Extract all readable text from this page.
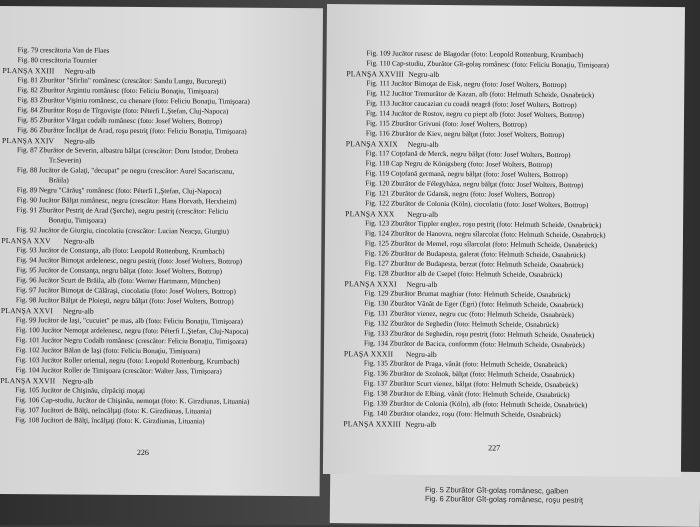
Fig. 5 Zburător Gît-golaş românesc, galben
Fig. 6 Zburător Gît-golaş românesc, roşu pestriţ
Fig. 79 crescătoria Van de Flaes
Fig. 80 crescătoria Tournier
PLANŞA XXIII Negru-alb
Fig. 81 Zburător "Sfirlin" românesc (crescător: Sandu Lungu, Bucureşti)
Fig. 82 Zburător Argintiu românesc (foto: Feliciu Bonaţiu, Timişoara)
Fig. 83 Zburător Vişiniu românesc, cu chenare (foto: Feliciu Bonaţiu, Timişoara)
Fig. 84 Zburător Roşu de Tîrgovişte (foto: Péterfi I.,Ştefan, Cluj-Napoca)
Fig. 85 Zburător Vărgat codalb românesc (foto: Josef Wolters, Bottrop)
Fig. 86 Zburător Încălţat de Arad, roşu pestriţ (foto: Feliciu Bonaţiu, Timişoara)
PLANŞA XXIV Negru-alb
Fig. 87 Zburător de Severin, albastru bălţat (crescător: Doru Istodor, Drobeta
Tr.Severin)
Fig. 88 Jucător de Galaţi, "decupat" pe negru (crescător: Aurel Sacariscanu,
Brăila)
Fig. 89 Negru "Cărăuş" românesc (foto: Péterfi I.,Ştefan, Cluj-Napoca)
Fig. 90 Jucător Bălţat românesc, negru (crescător: Hans Horvath, Herxheim)
Fig. 91 Zburător Pestriţ de Arad (Şerche), negru pestriţ (crescător: Feliciu
Bonaţiu, Timişoara)
Fig. 92 Jucător de Giurgiu, ciocolatiu (crescător: Lucian Neacşu, Giurgiu)
PLANŞA XXV Negru-alb
Fig. 93 Jucător de Constanţa, alb (foto: Leopold Rottenburg, Krumbach)
Fig. 94 Jucător Bimoţat ardelenesc, negru pestriţ (foto: Josef Wolters, Bottrop)
Fig. 95 Jucător de Constanţa, negru bălţat (foto: Josef Wolters, Bottrop)
Fig. 96 Jucător Scurt de Brăila, alb (foto: Werner Hartmann, München)
Fig. 97 Jucător Bimoţat de Călăraşi, ciocolatiu (foto: Josef Wolters, Bottrop)
Fig. 98 Jucător Bălţat de Ploieşti, negru bălţat (foto: Josef Wolters, Bottrop)
PLANŞA XXVI Negru-alb
Fig. 99 Jucător de Iaşi, "cucuiet" pe mas, alb (foto: Feliciu Bonaţiu, Timişoara)
Fig. 100 Jucător Nemoţat ardelenesc, negru (foto: Péterfi I.,Ştefan, Cluj-Napoca)
Fig. 101 Jucător Negru Codalb românesc (crescător: Feliciu Bonaţiu, Timişoara)
Fig. 102 Jucător Bălan de Iaşi (foto: Feliciu Bonaţiu, Timişoara)
Fig. 103 Jucător Roller oriental, negru (foto: Leopold Rottenburg, Krumbach)
Fig. 104 Jucător Roller de Timişoara (crescător: Walter Jass, Timişoara)
PLANŞA XXVII Negru-alb
Fig. 105 Jucător de Chişinău, cîrpăciţi moţaţi
Fig. 106 Cap-studiu, Jucător de Chişinău, nemoţat (foto: K. Girzdiunas, Lituania)
Fig. 107 Jucători de Bălţi, neîncălţaţi (foto: K. Girzdiunas, Lituania)
Fig. 108 Jucători de Bălţi, încălţaţi (foto: K. Girzdiunas, Lituania)
226
Fig. 109 Jucător rusesc de Blagodar (foto: Leopold Rottenburg, Krumbach)
Fig. 110 Cap-studiu, Zburător Gît-golaş românesc (foto: Feliciu Bonaţiu, Timişoara)
PLANŞA XXVIII Negru-alb
Fig. 111 Jucător Bimoţat de Eisk, negru (foto: Josef Wolters, Bottrop)
Fig. 112 Jucător Tremurător de Kazan, alb (foto: Helmuth Scheide, Osnabrück)
Fig. 113 Jucător caucazian cu coadă neagră (foto: Josef Wolters, Bottrop)
Fig. 114 Jucător de Rostov, negru cu piept alb (foto: Josef Wolters, Bottrop)
Fig. 115 Zburător Grivuni (foto: Josef Wolters, Bottrop)
Fig. 116 Zburător de Kiev, negru bălţat (foto: Josef Wolters, Bottrop)
PLANŞA XXIX Negru-alb
Fig. 117 Coţofană de Merck, negru bălţat (foto: Josef Wolters, Bottrop)
Fig. 118 Cap Negru de Königsberg (foto: Josef Wolters, Bottrop)
Fig. 119 Coţofană germană, negru bălţat (foto: Josef Wolters, Bottrop)
Fig. 120 Zburător de Félegyháza, negru bălţat (foto: Josef Wolters, Bottrop)
Fig. 121 Zburător de Gdansk, negru (foto: Josef Wolters, Bottrop)
Fig. 122 Zburător de Colonia (Köln), ciocolatiu (foto: Josef Wolters, Bottrop)
PLANŞA XXX Negru-alb
Fig. 123 Zburător Tippler englez, roşu pestriţ (foto: Helmuth Scheide, Osnabrück)
Fig. 124 Zburător de Hanovra, negru sîlarcolat (foto: Helmuth Scheide, Osnabrück)
Fig. 125 Zburător de Memel, roşu sîlarcolat (foto: Helmuth Scheide, Osnabrück)
Fig. 126 Zburător de Budapesta, galerat (foto: Helmuth Scheide, Osnabrück)
Fig. 127 Zburător de Budapesta, berzat (foto: Helmuth Scheide, Osnabrück)
Fig. 128 Zburător alb de Csepel (foto: Helmuth Scheide, Osnabrück)
PLANŞA XXXI Negru-alb
Fig. 129 Zburător Brumat maghiar (foto: Helmuth Scheide, Osnabrück)
Fig. 130 Zburător Vânăt de Eger (Egri) (foto: Helmuth Scheide, Osnabrück)
Fig. 131 Zburător vienez, negru cuc (foto: Helmuth Scheide, Osnabrück)
Fig. 132 Zburător de Seghedin (foto: Helmuth Scheide, Osnabrück)
Fig. 133 Zburător de Seghedin, roşu pestriţ (foto: Helmuth Scheide, Osnabrück)
Fig. 134 Zburător de Bacica, conformm (foto: Helmuth Scheide, Osnabrück)
PLAŞA XXXII Negru-alb
Fig. 135 Zburător de Praga, vânăt (foto: Helmuth Scheide, Osnabrück)
Fig. 136 Zburător de Szolnok, bălţat (foto: Helmuth Scheide, Osnabrück)
Fig. 137 Zburător Scurt vienez, bălţat (foto: Helmuth Scheide, Osnabrück)
Fig. 138 Zburător de Elbing, vânăt (foto: Helmuth Scheide, Osnabrück)
Fig. 139 Zburător de Colonia (Köln), alb (foto: Helmuth Scheide, Osnabrück)
Fig. 140 Zburător olandez, roşu (foto: Helmuth Scheide, Osnabrück)
PLANŞA XXXIII Negru-alb
227
